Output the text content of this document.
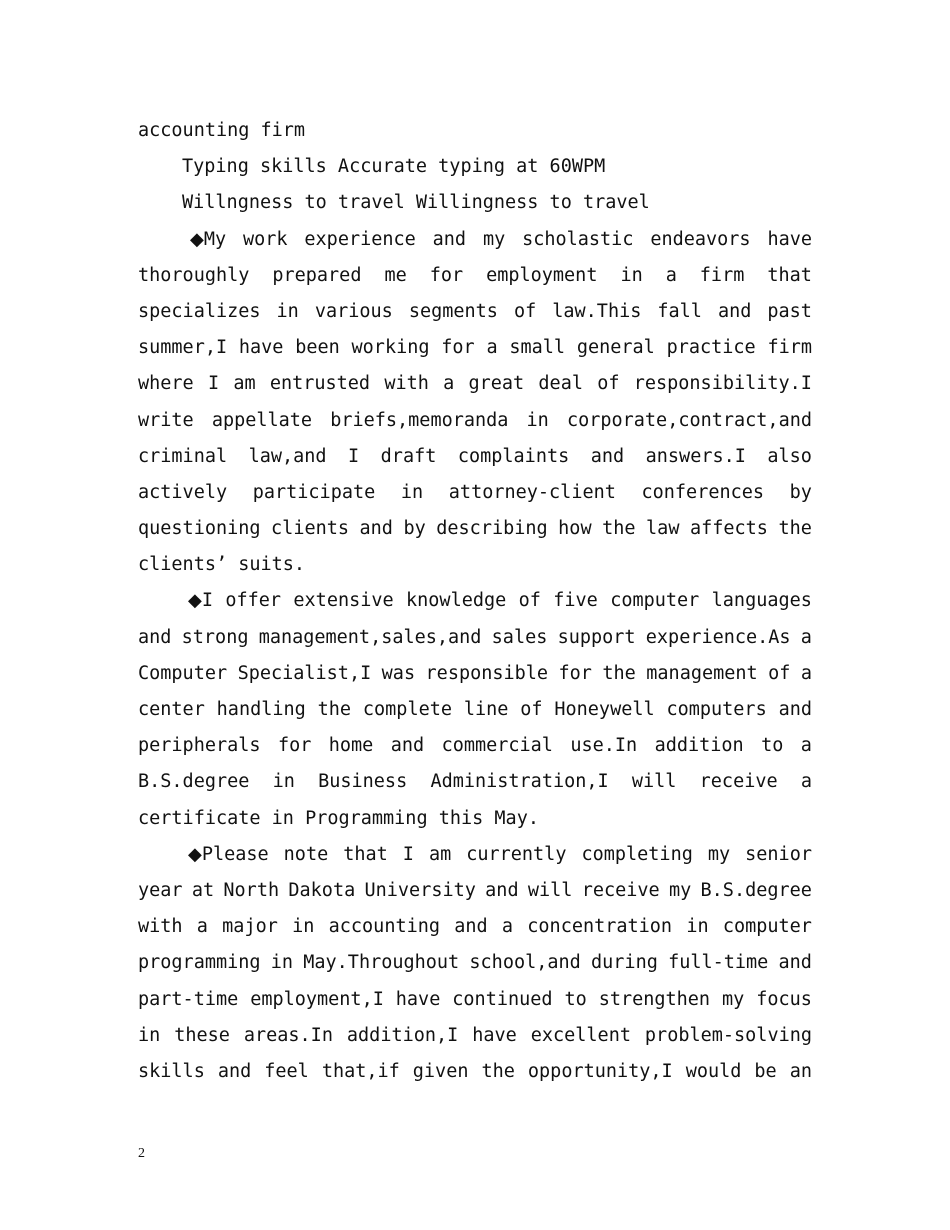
accounting firm
Typing skills Accurate typing at 60WPM
Willngness to travel Willingness to travel
◆My work experience and my scholastic endeavors have
thoroughly prepared me for employment in a firm that
specializes in various segments of law.This fall and past
summer,I have been working for a small general practice firm
where I am entrusted with a great deal of responsibility.I
write appellate briefs,memoranda in corporate,contract,and
criminal law,and I draft complaints and answers.I also
actively participate in attorney-client conferences by
questioning clients and by describing how the law affects the
clients’ suits.
◆I offer extensive knowledge of five computer languages
and strong management,sales,and sales support experience.As a
Computer Specialist,I was responsible for the management of a
center handling the complete line of Honeywell computers and
peripherals for home and commercial use.In addition to a
B.S.degree in Business Administration,I will receive a
certificate in Programming this May.
◆Please note that I am currently completing my senior
year at North Dakota University and will receive my B.S.degree
with a major in accounting and a concentration in computer
programming in May.Throughout school,and during full-time and
part-time employment,I have continued to strengthen my focus
in these areas.In addition,I have excellent problem-solving
skills and feel that,if given the opportunity,I would be an
2
